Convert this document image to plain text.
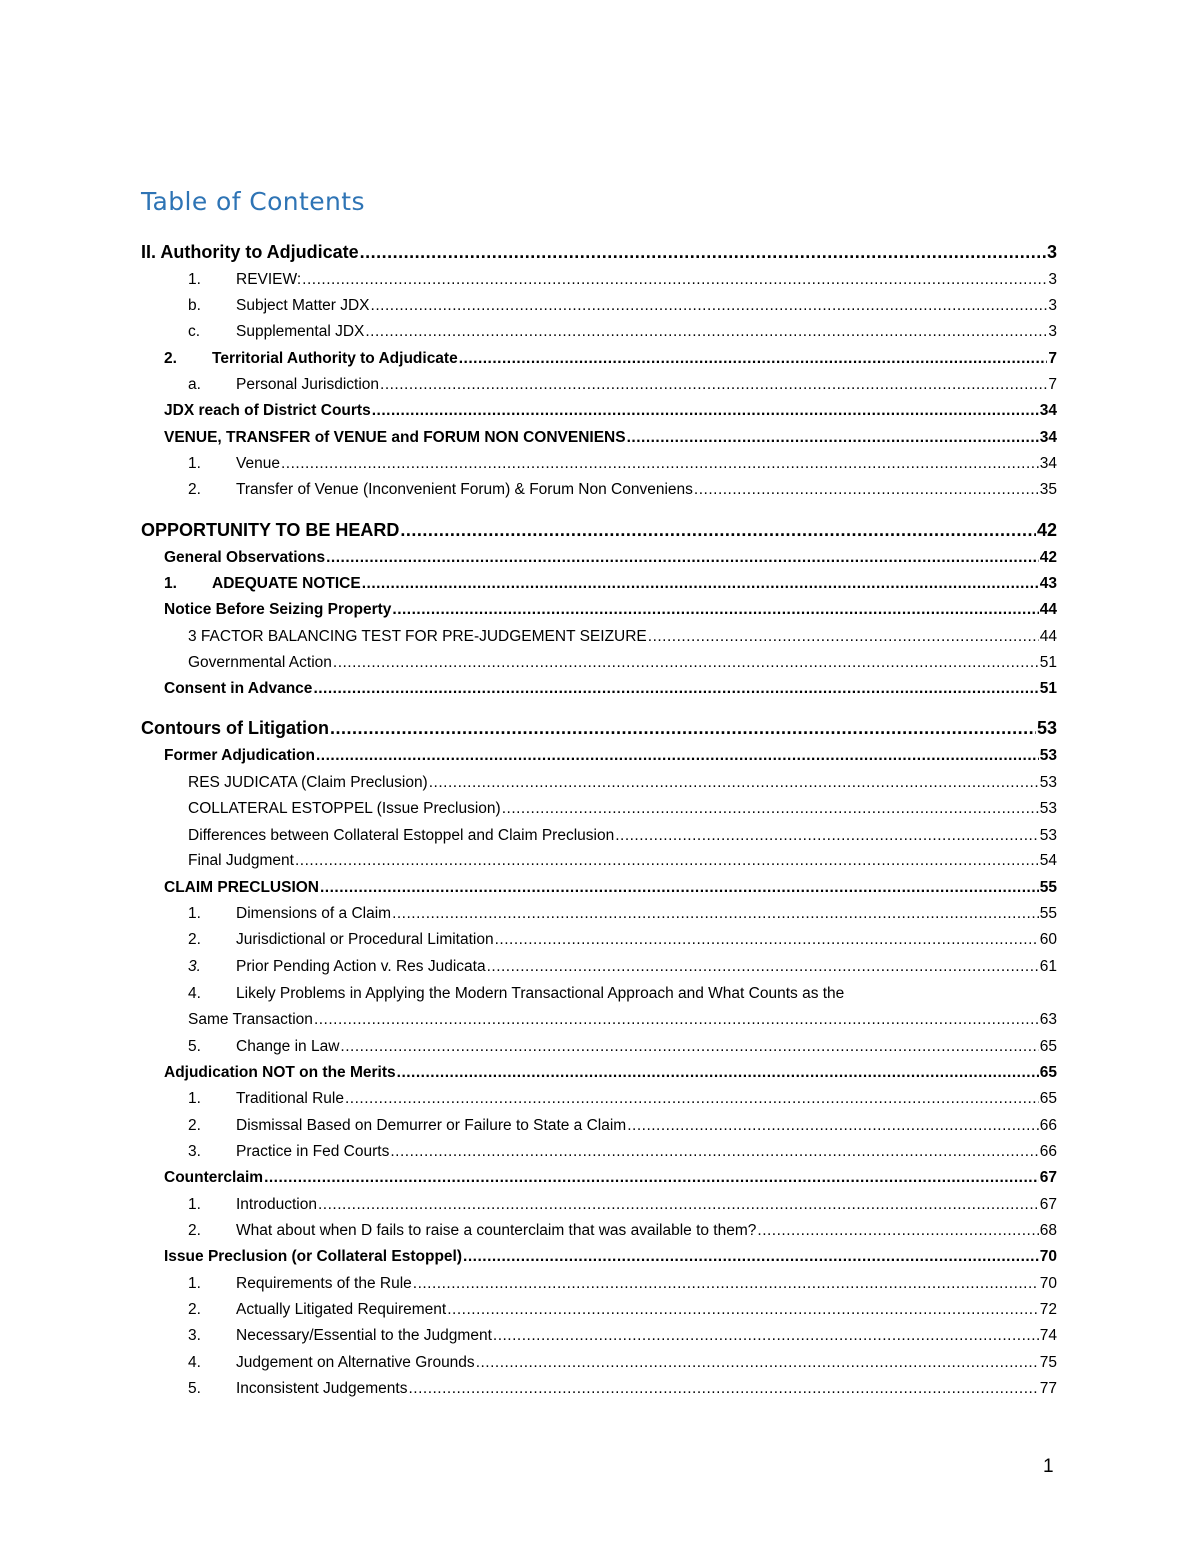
Table of Contents
II. Authority to Adjudicate .....	3
1.	REVIEW: .....	3
b.	Subject Matter JDX .....	3
c.	Supplemental JDX .....	3
2.	Territorial Authority to Adjudicate .....	7
a.	Personal Jurisdiction .....	7
JDX reach of District Courts .....	34
VENUE, TRANSFER of VENUE and FORUM NON CONVENIENS .....	34
1.	Venue .....	34
2.	Transfer of Venue (Inconvenient Forum) & Forum Non Conveniens .....	35
OPPORTUNITY TO BE HEARD .....	42
General Observations .....	42
1.	ADEQUATE NOTICE .....	43
Notice Before Seizing Property .....	44
3 FACTOR BALANCING TEST FOR PRE-JUDGEMENT SEIZURE .....	44
Governmental Action .....	51
Consent in Advance .....	51
Contours of Litigation .....	53
Former Adjudication .....	53
RES JUDICATA (Claim Preclusion) .....	53
COLLATERAL ESTOPPEL (Issue Preclusion) .....	53
Differences between Collateral Estoppel and Claim Preclusion .....	53
Final Judgment .....	54
CLAIM PRECLUSION .....	55
1.	Dimensions of a Claim .....	55
2.	Jurisdictional or Procedural Limitation .....	60
3.	Prior Pending Action v. Res Judicata .....	61
4. Likely Problems in Applying the Modern Transactional Approach and What Counts as the
Same Transaction .....	63
5.	Change in Law .....	65
Adjudication NOT on the Merits .....	65
1.	Traditional Rule .....	65
2.	Dismissal Based on Demurrer or Failure to State a Claim .....	66
3.	Practice in Fed Courts .....	66
Counterclaim .....	67
1.	Introduction .....	67
2.	What about when D fails to raise a counterclaim that was available to them? .....	68
Issue Preclusion (or Collateral Estoppel) .....	70
1.	Requirements of the Rule .....	70
2.	Actually Litigated Requirement .....	72
3.	Necessary/Essential to the Judgment .....	74
4.	Judgement on Alternative Grounds .....	75
5.	Inconsistent Judgements .....	77
1
